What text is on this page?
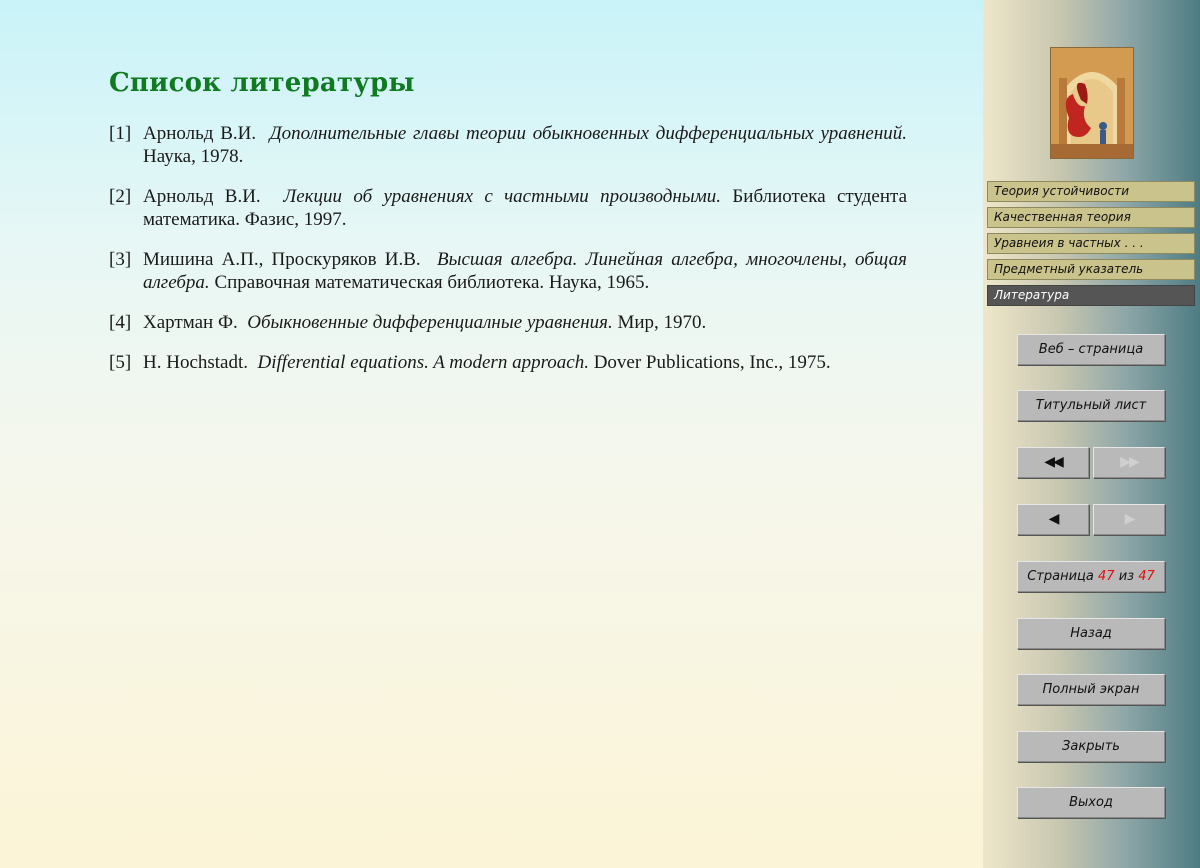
Список литературы
[1] Арнольд В.И. Дополнительные главы теории обыкновенных дифференциальных уравнений. Наука, 1978.
[2] Арнольд В.И. Лекции об уравнениях с частными производными. Библиотека студента математика. Фазис, 1997.
[3] Мишина А.П., Проскуряков И.В. Высшая алгебра. Линейная алгебра, многочлены, общая алгебра. Справочная математическая библиотека. Наука, 1965.
[4] Хартман Ф. Обыкновенные дифференциалные уравнения. Мир, 1970.
[5] H. Hochstadt. Differential equations. A modern approach. Dover Publications, Inc., 1975.
Теория устойчивости
Качественная теория
Уравнеия в частных . . .
Предметный указатель
Литература
Веб – страница
Титульный лист
◀◀	▶▶
◀	▶
Страница 47 из 47
Назад
Полный экран
Закрыть
Выход
